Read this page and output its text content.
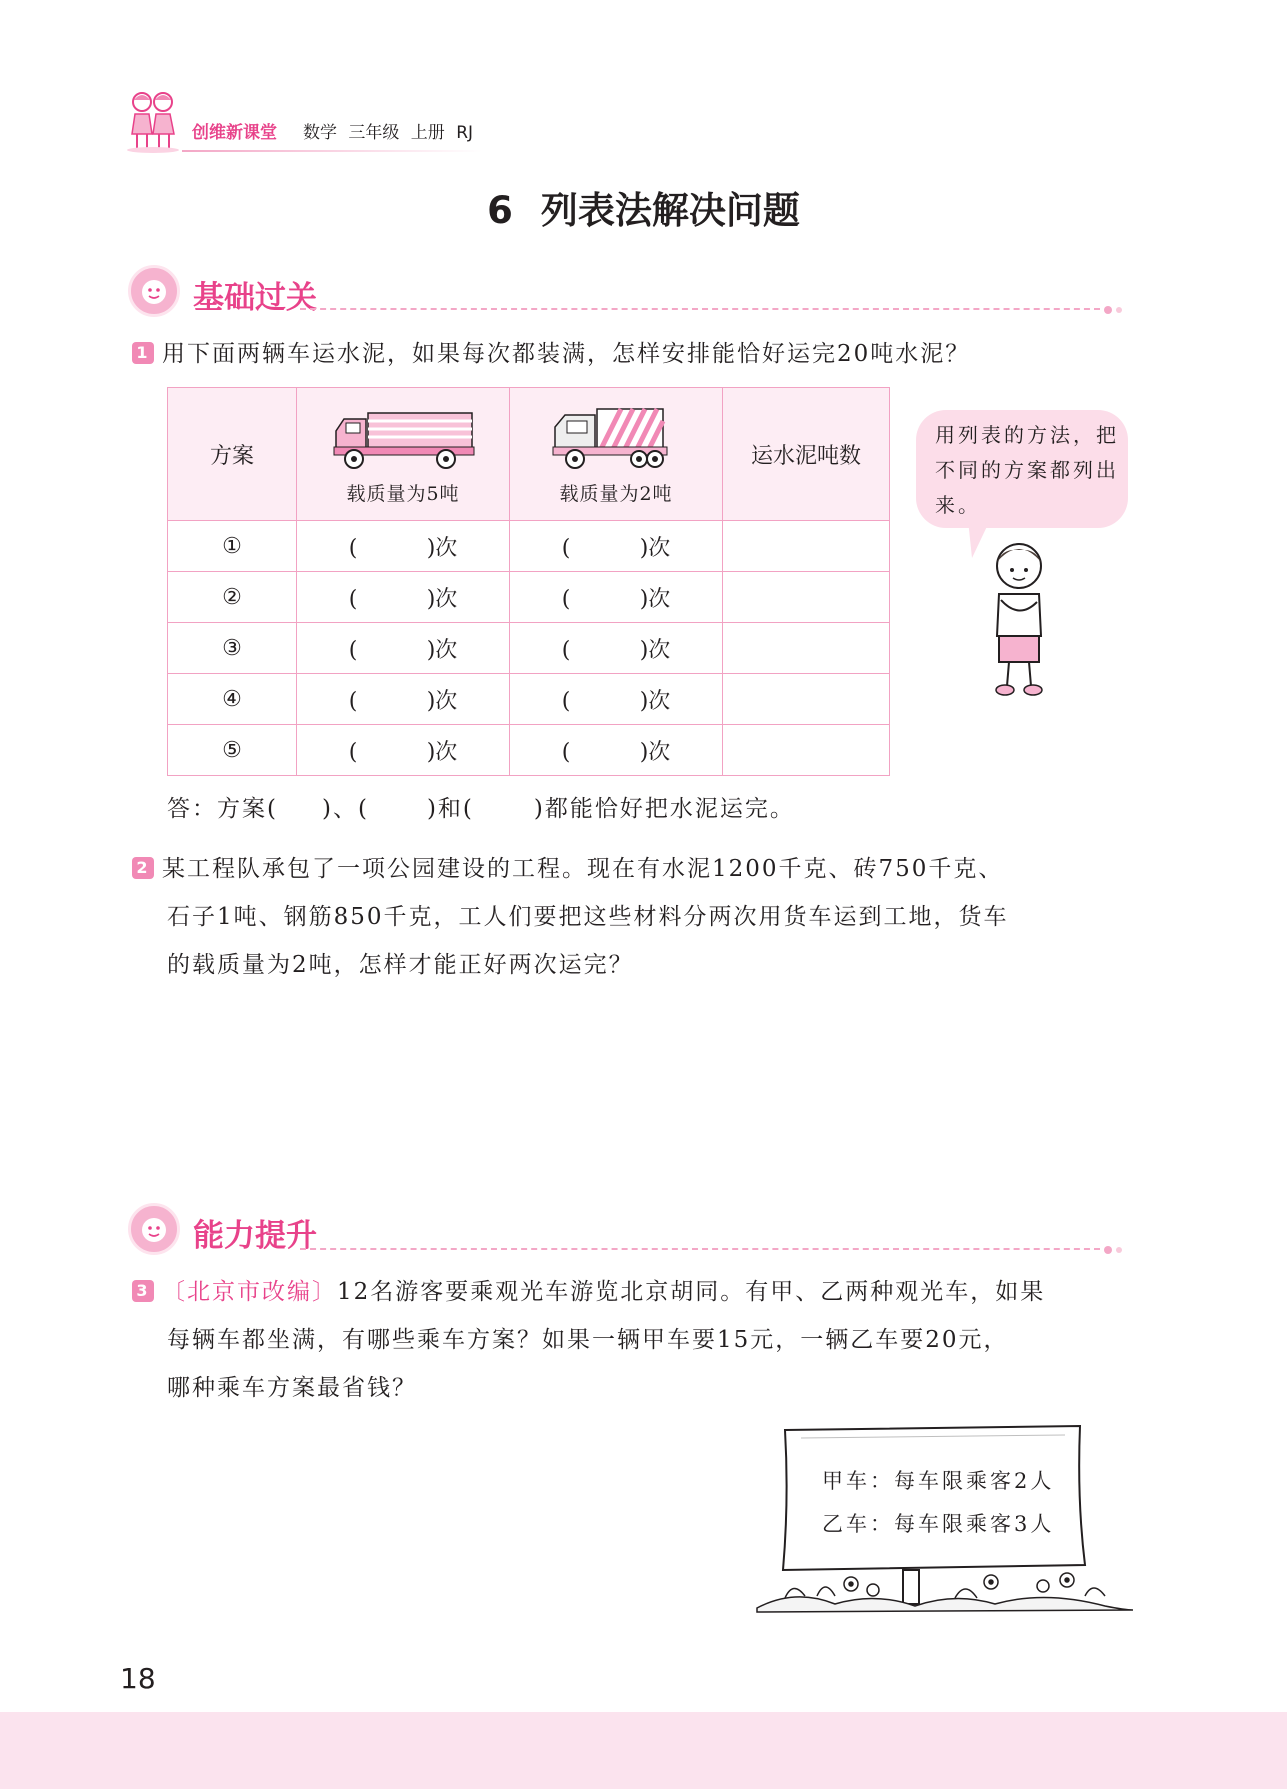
创维新课堂 数学 三年级 上册 RJ
6 列表法解决问题
基础过关
1 用下面两辆车运水泥，如果每次都装满，怎样安排能恰好运完20吨水泥？
方案	载质量为5吨	载质量为2吨	运水泥吨数
①	( )次	( )次	
②	( )次	( )次	
③	( )次	( )次	
④	( )次	( )次	
⑤	( )次	( )次	
用列表的方法，把不同的方案都列出来。
答：方案( )、(	)和(	)都能恰好把水泥运完。
2 某工程队承包了一项公园建设的工程。现在有水泥1200千克、砖750千克、
石子1吨、钢筋850千克，工人们要把这些材料分两次用货车运到工地，货车
的载质量为2吨，怎样才能正好两次运完？
能力提升
3 〔北京市改编〕12名游客要乘观光车游览北京胡同。有甲、乙两种观光车，如果
每辆车都坐满，有哪些乘车方案？如果一辆甲车要15元，一辆乙车要20元，
哪种乘车方案最省钱？
甲车：每车限乘客2人
乙车：每车限乘客3人
18
